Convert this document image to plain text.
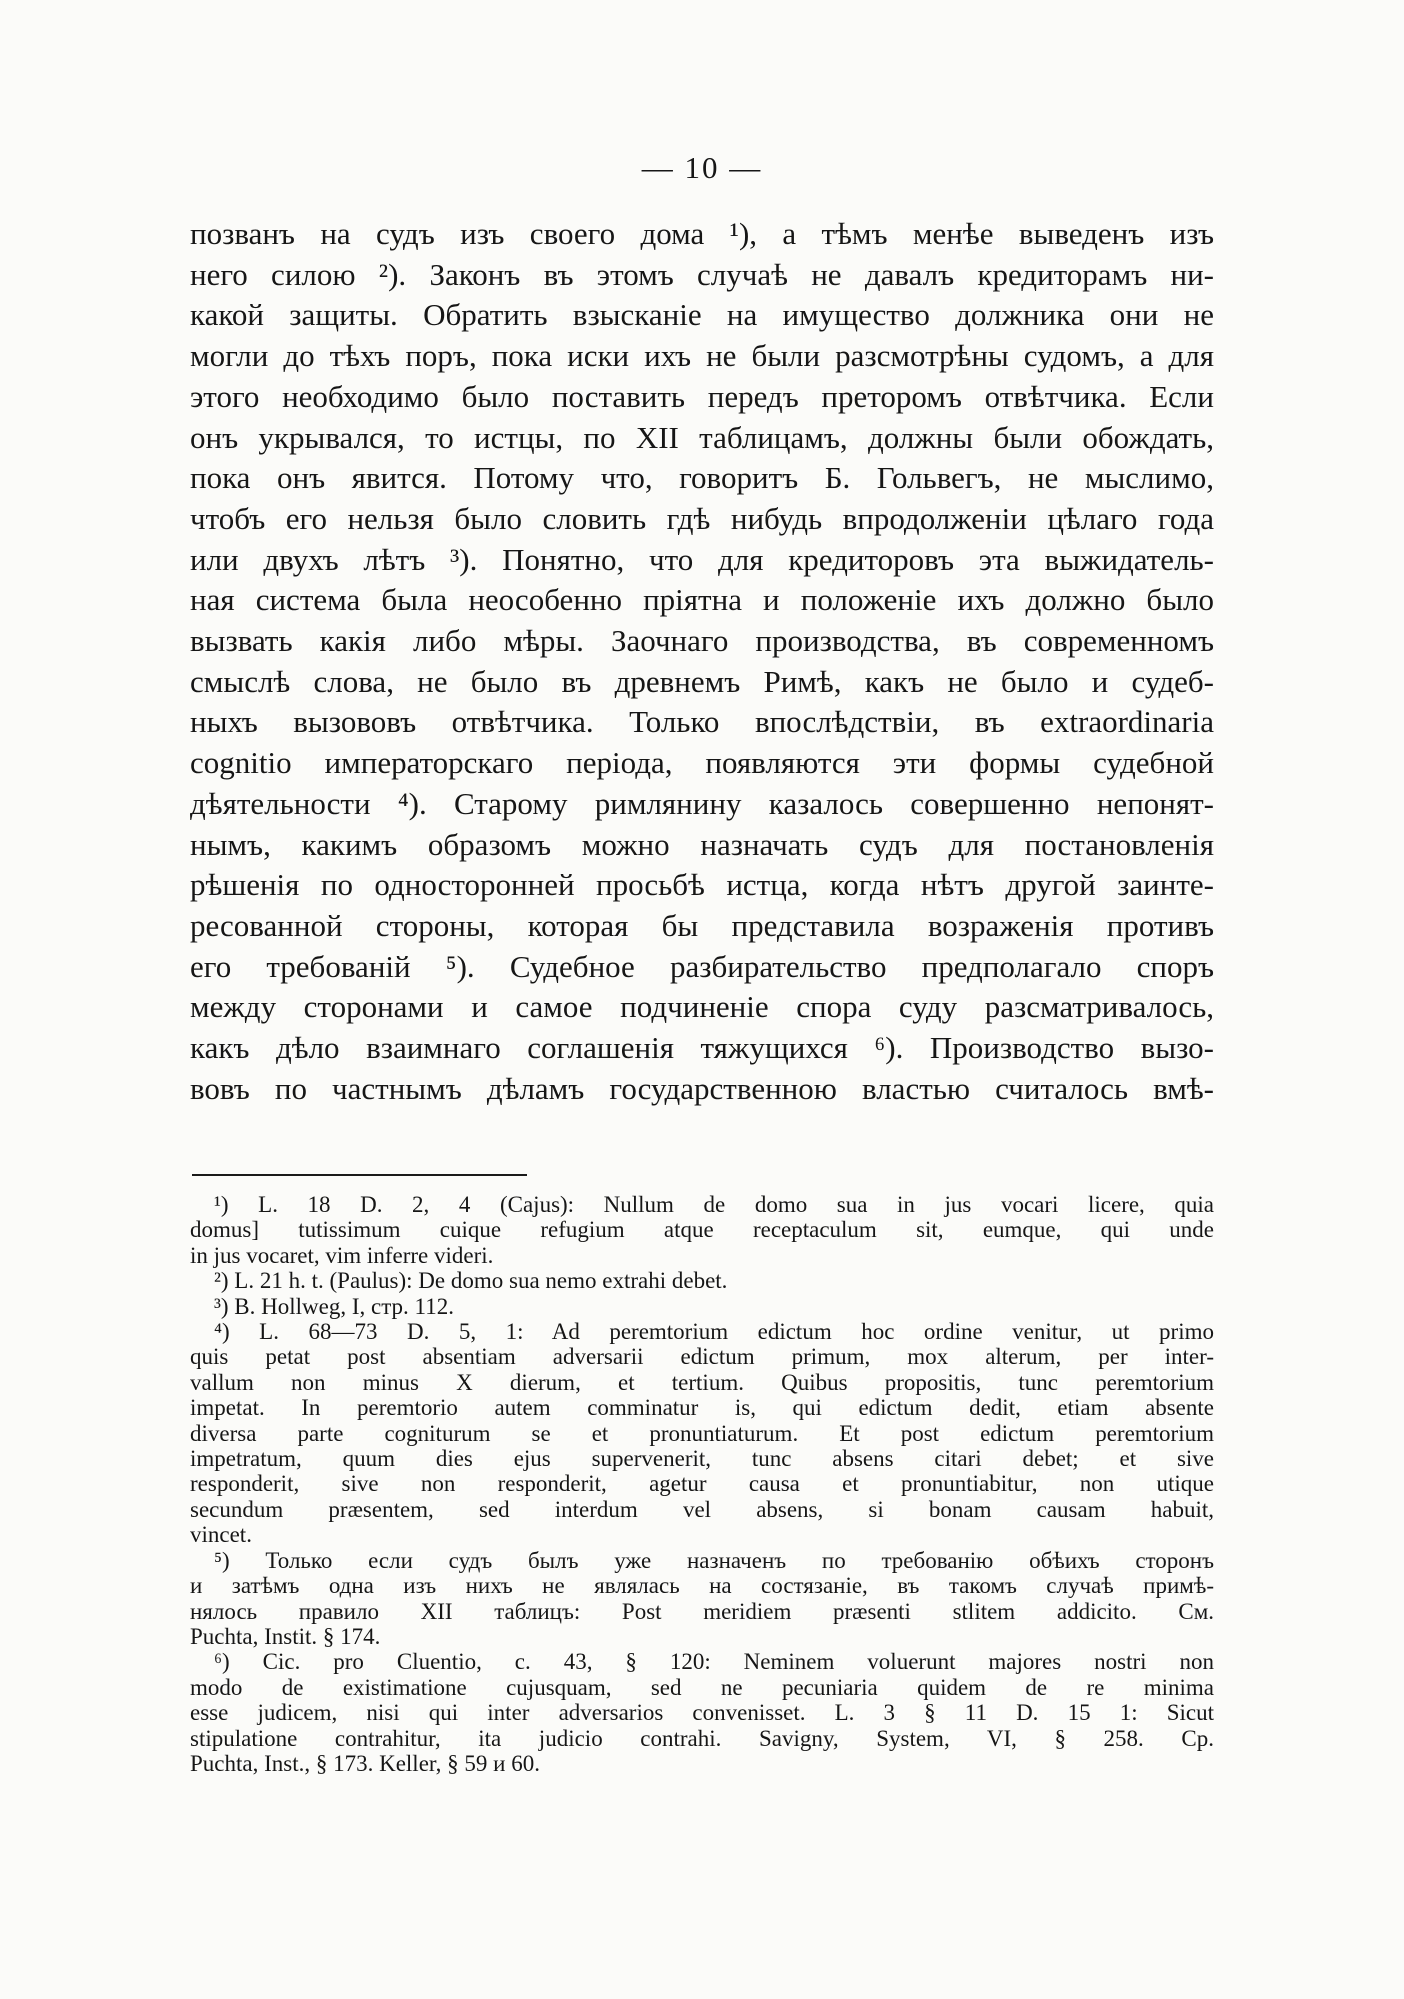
— 10 —
позванъ на судъ изъ своего дома ¹), а тѣмъ менѣе выведенъ изъ
него силою ²). Законъ въ этомъ случаѣ не давалъ кредиторамъ ни-
какой защиты. Обратить взысканіе на имущество должника они не
могли до тѣхъ поръ, пока иски ихъ не были разсмотрѣны судомъ, а для
этого необходимо было поставить передъ преторомъ отвѣтчика. Если
онъ укрывался, то истцы, по XII таблицамъ, должны были обождать,
пока онъ явится. Потому что, говоритъ Б. Гольвегъ, не мыслимо,
чтобъ его нельзя было словить гдѣ нибудь впродолженіи цѣлаго года
или двухъ лѣтъ ³). Понятно, что для кредиторовъ эта выжидатель-
ная система была неособенно пріятна и положеніе ихъ должно было
вызвать какія либо мѣры. Заочнаго производства, въ современномъ
смыслѣ слова, не было въ древнемъ Римѣ, какъ не было и судеб-
ныхъ вызововъ отвѣтчика. Только впослѣдствіи, въ extraordinaria
cognitio императорскаго періода, появляются эти формы судебной
дѣятельности ⁴). Старому римлянину казалось совершенно непонят-
нымъ, какимъ образомъ можно назначать судъ для постановленія
рѣшенія по односторонней просьбѣ истца, когда нѣтъ другой заинте-
ресованной стороны, которая бы представила возраженія противъ
его требованій ⁵). Судебное разбирательство предполагало споръ
между сторонами и самое подчиненіе спора суду разсматривалось,
какъ дѣло взаимнаго соглашенія тяжущихся ⁶). Производство вызо-
вовъ по частнымъ дѣламъ государственною властью считалось вмѣ-
¹) L. 18 D. 2, 4 (Cajus): Nullum de domo sua in jus vocari licere, quia
domus] tutissimum cuique refugium atque receptaculum sit, eumque, qui unde
in jus vocaret, vim inferre videri.
²) L. 21 h. t. (Paulus): De domo sua nemo extrahi debet.
³) B. Hollweg, I, стр. 112.
⁴) L. 68—73 D. 5, 1: Ad peremtorium edictum hoc ordine venitur, ut primo
quis petat post absentiam adversarii edictum primum, mox alterum, per inter-
vallum non minus X dierum, et tertium. Quibus propositis, tunc peremtorium
impetat. In peremtorio autem comminatur is, qui edictum dedit, etiam absente
diversa parte cogniturum se et pronuntiaturum. Et post edictum peremtorium
impetratum, quum dies ejus supervenerit, tunc absens citari debet; et sive
responderit, sive non responderit, agetur causa et pronuntiabitur, non utique
secundum præsentem, sed interdum vel absens, si bonam causam habuit,
vincet.
⁵) Только если судъ былъ уже назначенъ по требованію обѣихъ сторонъ
и затѣмъ одна изъ нихъ не являлась на состязаніе, въ такомъ случаѣ примѣ-
нялось правило XII таблицъ: Post meridiem præsenti stlitem addicito. См.
Puchta, Instit. § 174.
⁶) Cic. pro Cluentio, c. 43, § 120: Neminem voluerunt majores nostri non
modo de existimatione cujusquam, sed ne pecuniaria quidem de re minima
esse judicem, nisi qui inter adversarios convenisset. L. 3 § 11 D. 15 1: Sicut
stipulatione contrahitur, ita judicio contrahi. Savigny, System, VI, § 258. Cp.
Puchta, Inst., § 173. Keller, § 59 и 60.
